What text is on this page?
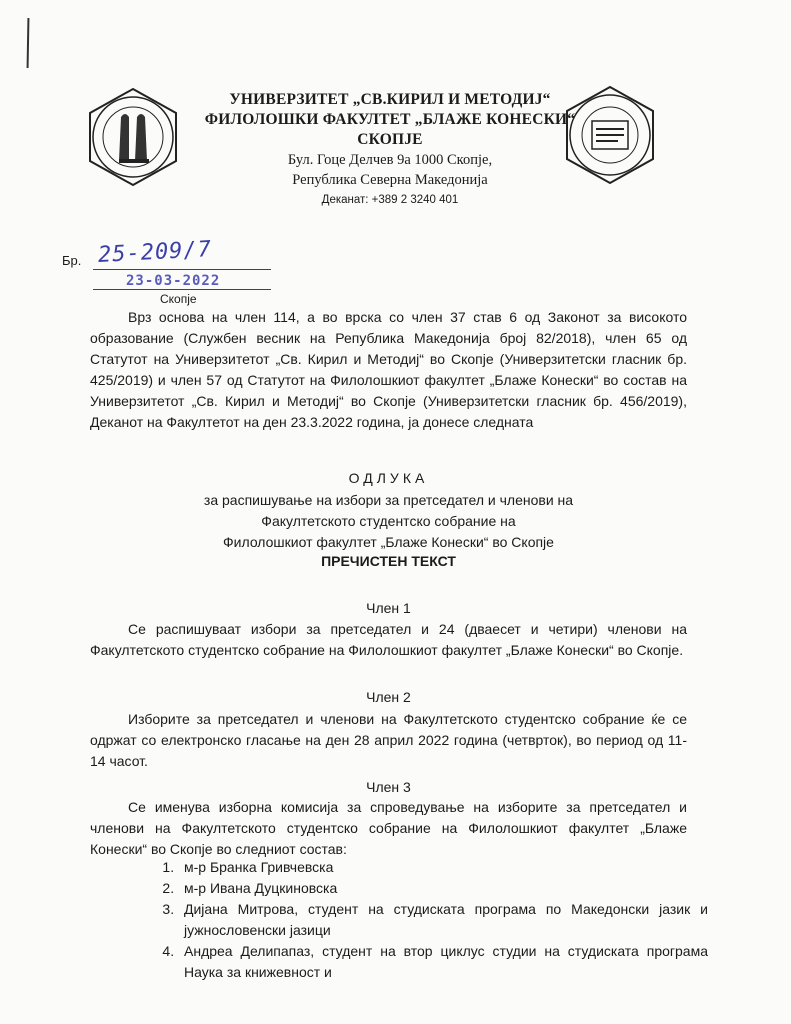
УНИВЕРЗИТЕТ „СВ.КИРИЛ И МЕТОДИЈ“
ФИЛОЛОШКИ ФАКУЛТЕТ „БЛАЖЕ КОНЕСКИ“
СКОПЈЕ
Бул. Гоце Делчев 9а 1000 Скопје,
Република Северна Македонија
Деканат: +389 2 3240 401
Бр. 25-209/7
23-03-2022
Скопје
Врз основа на член 114, а во врска со член 37 став 6 од Законот за високото образование (Службен весник на Република Македонија број 82/2018), член 65 од Статутот на Универзитетот „Св. Кирил и Методиј“ во Скопје (Универзитетски гласник бр. 425/2019) и член 57 од Статутот на Филолошкиот факултет „Блаже Конески“ во состав на Универзитетот „Св. Кирил и Методиј“ во Скопје (Универзитетски гласник бр. 456/2019), Деканот на Факултетот на ден 23.3.2022 година, ја донесе следната
ОДЛУКА
за распишување на избори за претседател и членови на
Факултетското студентско собрание на
Филолошкиот факултет „Блаже Конески“ во Скопје
ПРЕЧИСТЕН ТЕКСТ
Член 1
Се распишуваат избори за претседател и 24 (дваесет и четири) членови на Факултетското студентско собрание на Филолошкиот факултет „Блаже Конески“ во Скопје.
Член 2
Изборите за претседател и членови на Факултетското студентско собрание ќе се одржат со електронско гласање на ден 28 април 2022 година (четврток), во период од 11-14 часот.
Член 3
Се именува изборна комисија за спроведување на изборите за претседател и членови на Факултетското студентско собрание на Филолошкиот факултет „Блаже Конески“ во Скопје во следниот состав:
1. м-р Бранка Гривчевска
2. м-р Ивана Дуцкиновска
3. Дијана Митрова, студент на студиската програма по Македонски јазик и јужнословенски јазици
4. Андреа Делипапаз, студент на втор циклус студии на студиската програма Наука за книжевност и
